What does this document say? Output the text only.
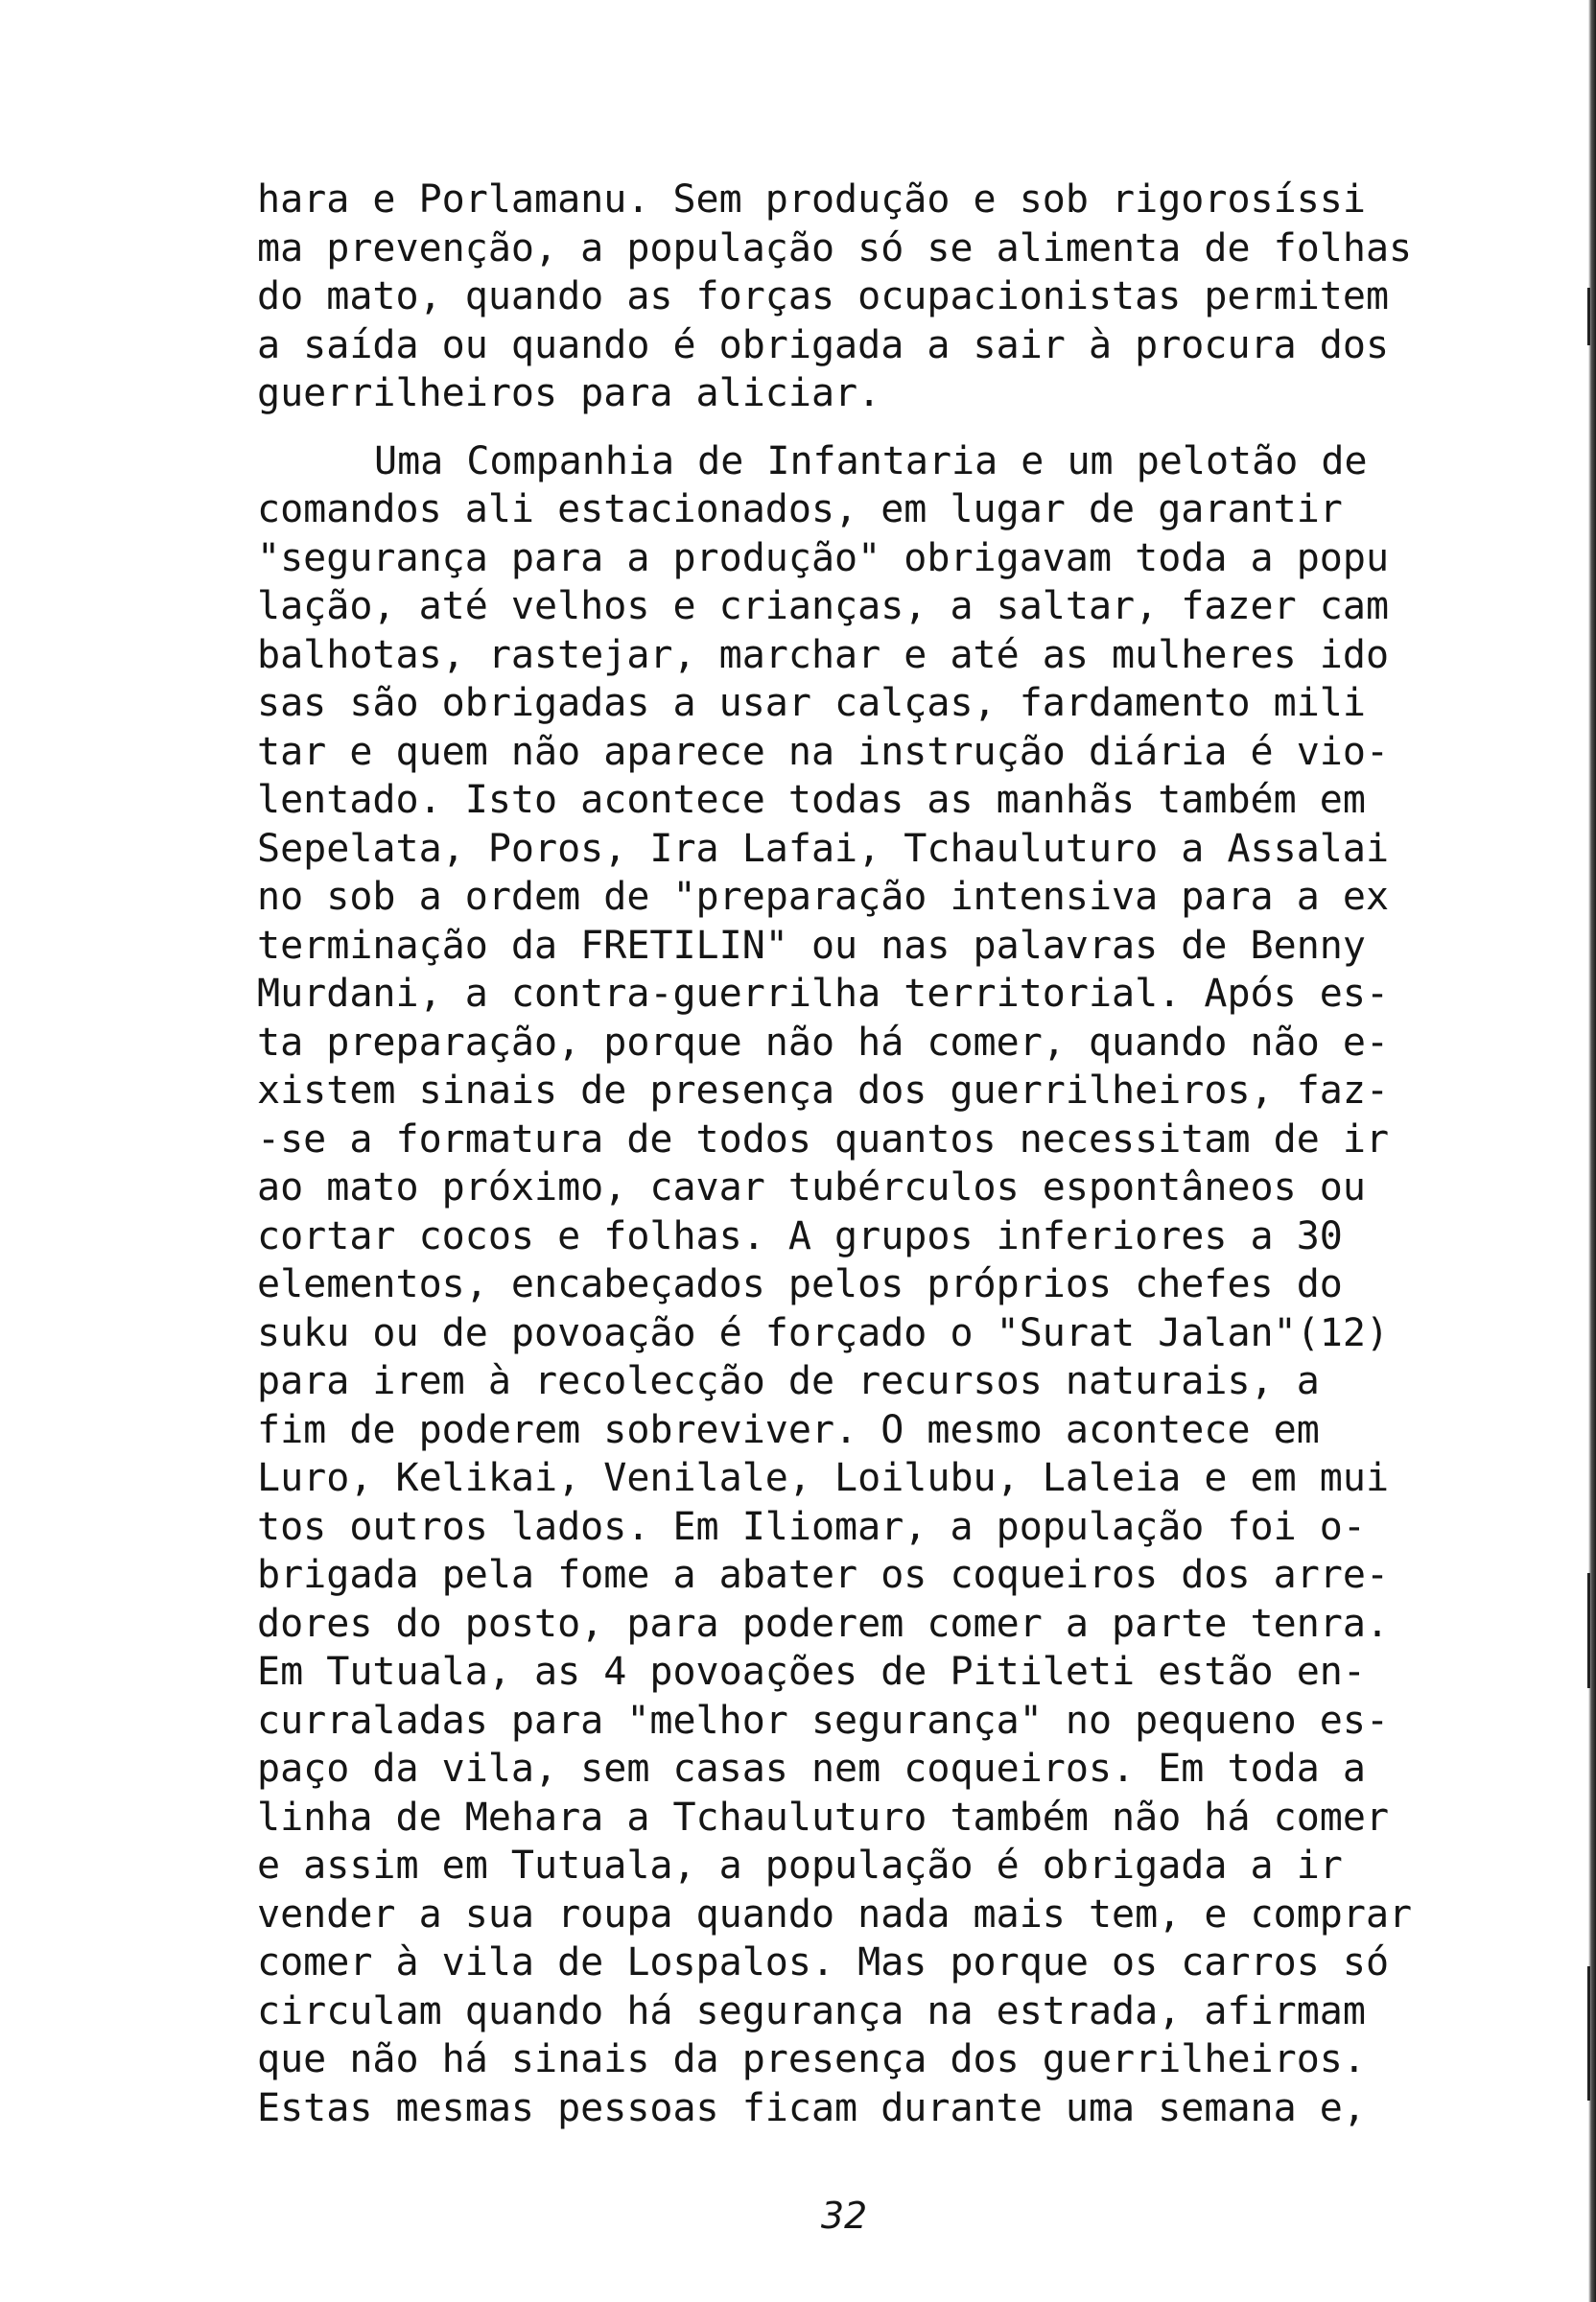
hara e Porlamanu. Sem produção e sob rigorosíssi
ma prevenção, a população só se alimenta de folhas
do mato, quando as forças ocupacionistas permitem
a saída ou quando é obrigada a sair à procura dos
guerrilheiros para aliciar.
Uma Companhia de Infantaria e um pelotão de
comandos ali estacionados, em lugar de garantir
"segurança para a produção" obrigavam toda a popu
lação, até velhos e crianças, a saltar, fazer cam
balhotas, rastejar, marchar e até as mulheres ido
sas são obrigadas a usar calças, fardamento mili
tar e quem não aparece na instrução diária é vio-
lentado. Isto acontece todas as manhãs também em
Sepelata, Poros, Ira Lafai, Tchauluturo a Assalai
no sob a ordem de "preparação intensiva para a ex
terminação da FRETILIN" ou nas palavras de Benny
Murdani, a contra-guerrilha territorial. Após es-
ta preparação, porque não há comer, quando não e-
xistem sinais de presença dos guerrilheiros, faz-
-se a formatura de todos quantos necessitam de ir
ao mato próximo, cavar tubérculos espontâneos ou
cortar cocos e folhas. A grupos inferiores a 30
elementos, encabeçados pelos próprios chefes do
suku ou de povoação é forçado o "Surat Jalan"(12)
para irem à recolecção de recursos naturais, a
fim de poderem sobreviver. O mesmo acontece em
Luro, Kelikai, Venilale, Loilubu, Laleia e em mui
tos outros lados. Em Iliomar, a população foi o-
brigada pela fome a abater os coqueiros dos arre-
dores do posto, para poderem comer a parte tenra.
Em Tutuala, as 4 povoações de Pitileti estão en-
curraladas para "melhor segurança" no pequeno es-
paço da vila, sem casas nem coqueiros. Em toda a
linha de Mehara a Tchauluturo também não há comer
e assim em Tutuala, a população é obrigada a ir
vender a sua roupa quando nada mais tem, e comprar
comer à vila de Lospalos. Mas porque os carros só
circulam quando há segurança na estrada, afirmam
que não há sinais da presença dos guerrilheiros.
Estas mesmas pessoas ficam durante uma semana e,
32
